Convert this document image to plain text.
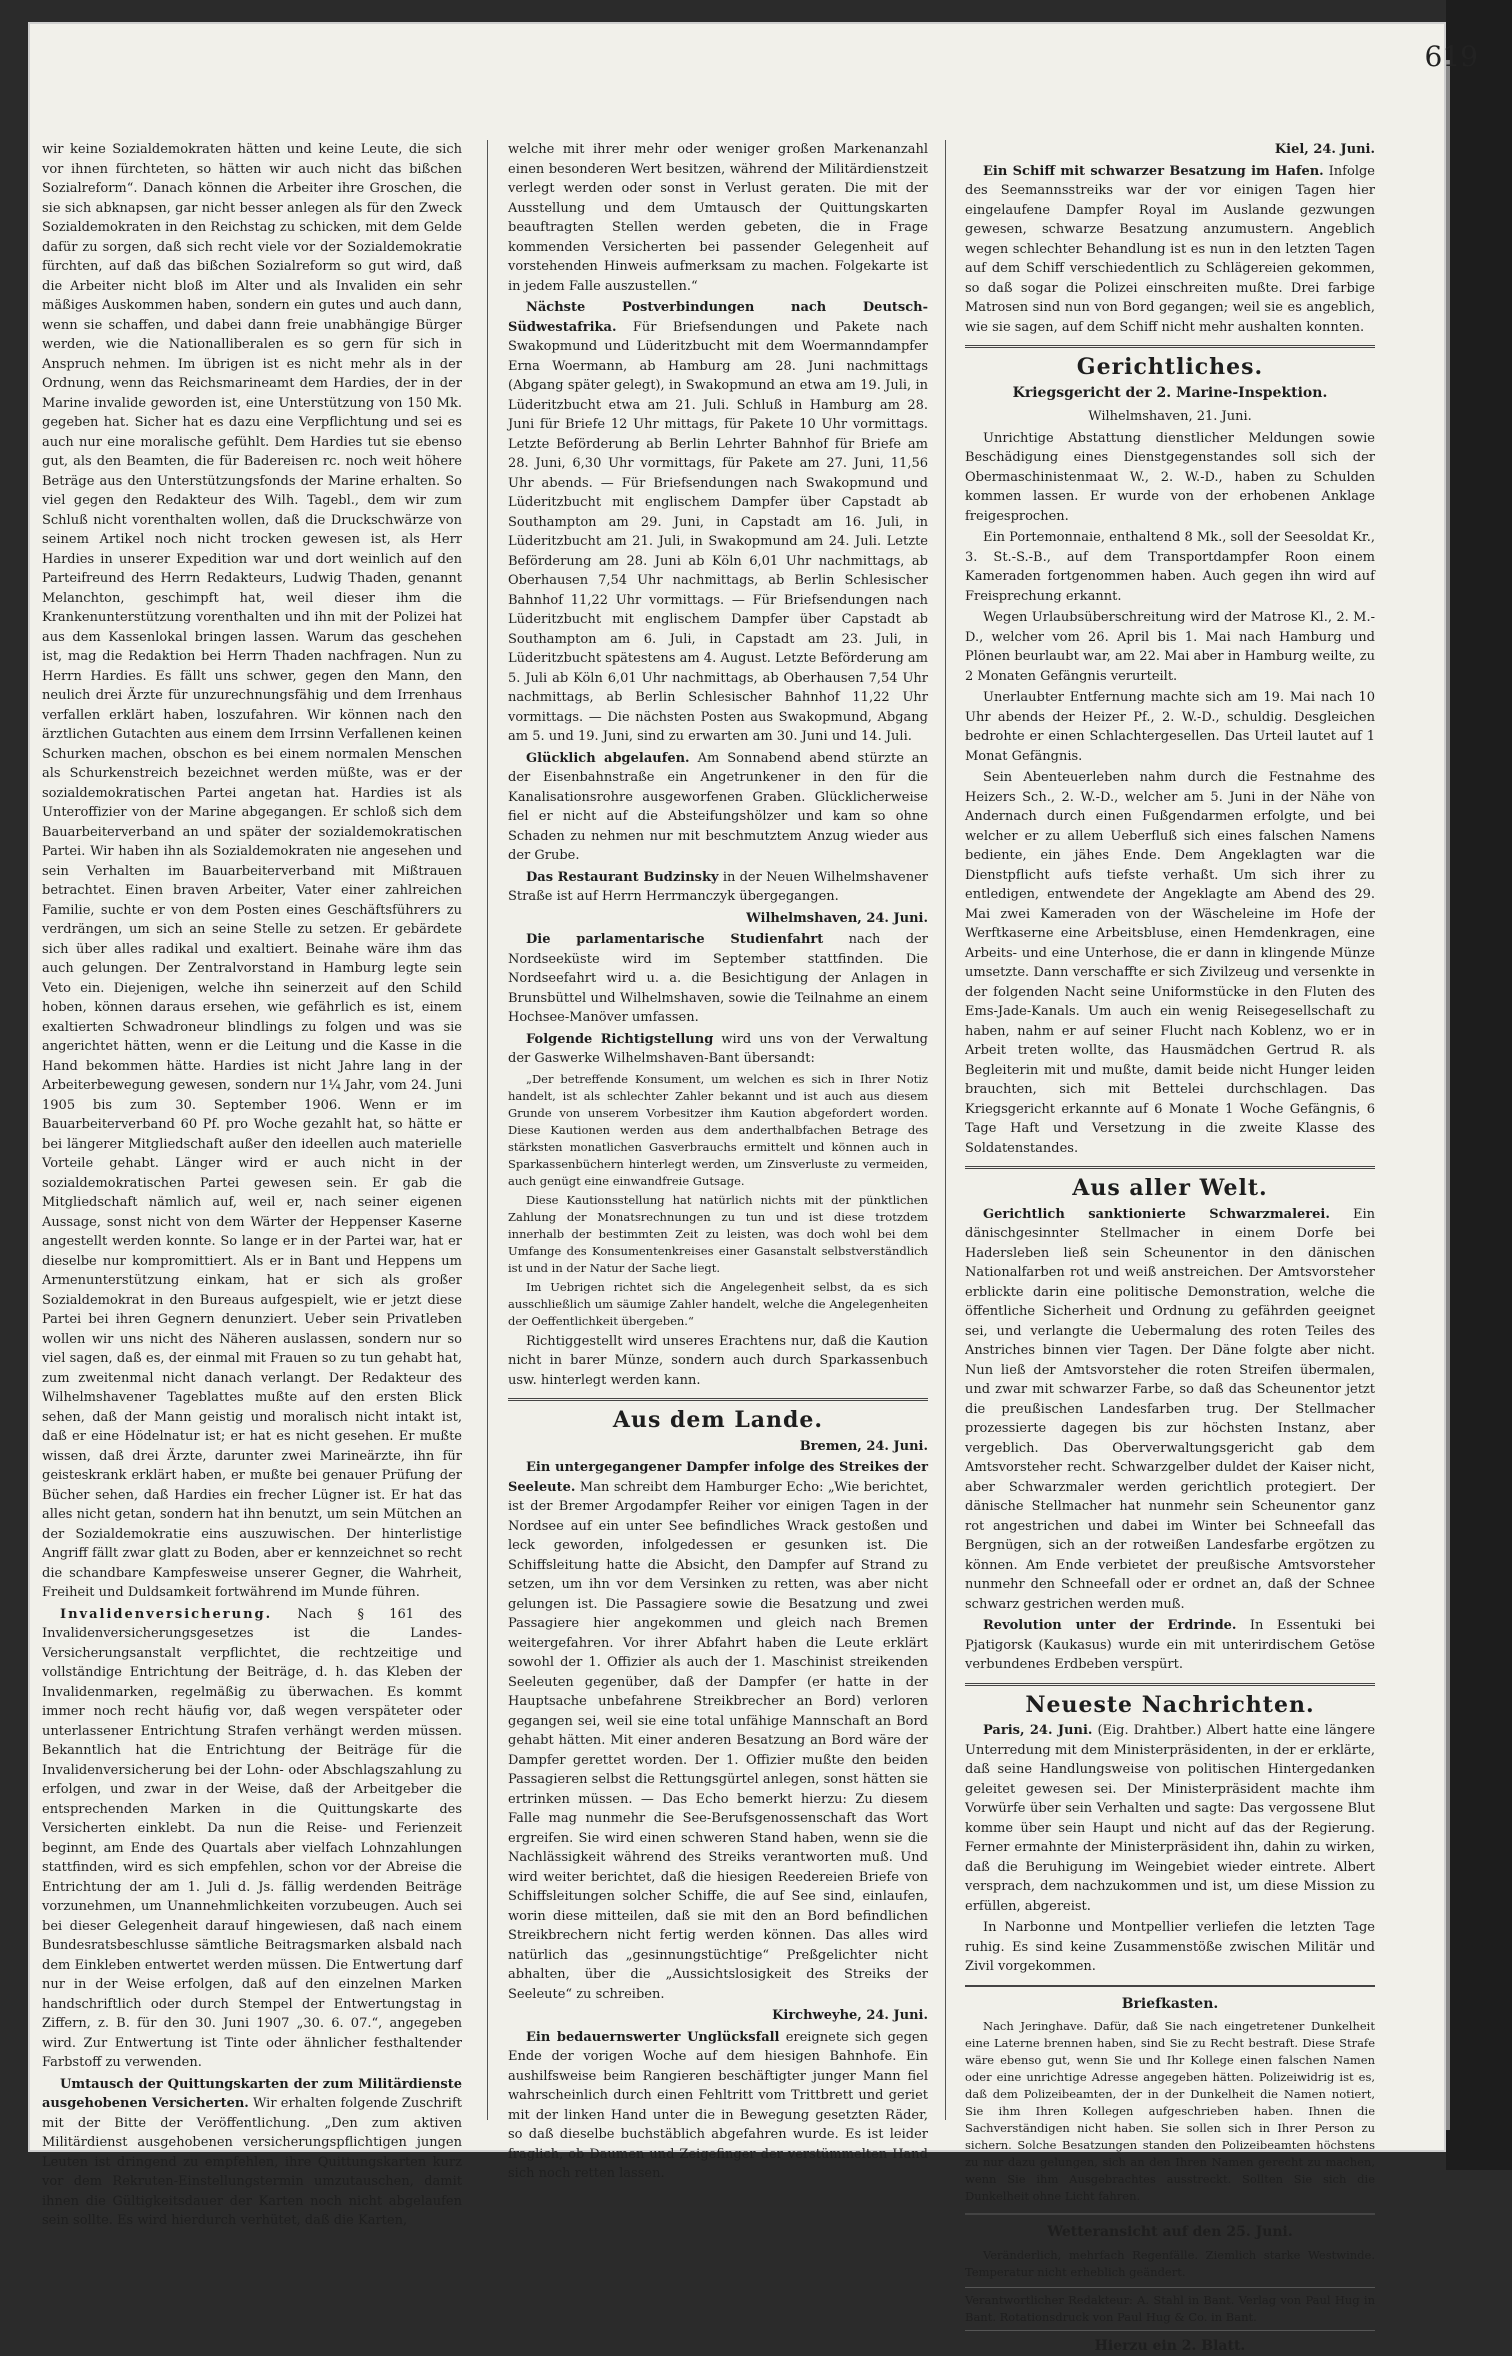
619

wir keine Sozialdemokraten hätten und keine Leute, die sich vor ihnen fürchteten, so hätten wir auch nicht das bißchen Sozialreform“. Danach können die Arbeiter ihre Groschen, die sie sich abknapsen, gar nicht besser anlegen als für den Zweck Sozialdemokraten in den Reichstag zu schicken, mit dem Gelde dafür zu sorgen, daß sich recht viele vor der Sozialdemokratie fürchten, auf daß das bißchen Sozialreform so gut wird, daß die Arbeiter nicht bloß im Alter und als Invaliden ein sehr mäßiges Auskommen haben, sondern ein gutes und auch dann, wenn sie schaffen, und dabei dann freie unabhängige Bürger werden, wie die Nationalliberalen es so gern für sich in Anspruch nehmen. Im übrigen ist es nicht mehr als in der Ordnung, wenn das Reichsmarineamt dem Hardies, der in der Marine invalide geworden ist, eine Unterstützung von 150 Mk. gegeben hat. Sicher hat es dazu eine Verpflichtung und sei es auch nur eine moralische gefühlt. Dem Hardies tut sie ebenso gut, als den Beamten, die für Badereisen rc. noch weit höhere Beträge aus den Unterstützungsfonds der Marine erhalten. So viel gegen den Redakteur des Wilh. Tagebl., dem wir zum Schluß nicht vorenthalten wollen, daß die Druckschwärze von seinem Artikel noch nicht trocken gewesen ist, als Herr Hardies in unserer Expedition war und dort weinlich auf den Parteifreund des Herrn Redakteurs, Ludwig Thaden, genannt Melanchton, geschimpft hat, weil dieser ihm die Krankenunterstützung vorenthalten und ihn mit der Polizei hat aus dem Kassenlokal bringen lassen. Warum das geschehen ist, mag die Redaktion bei Herrn Thaden nachfragen. Nun zu Herrn Hardies. Es fällt uns schwer, gegen den Mann, den neulich drei Ärzte für unzurechnungsfähig und dem Irrenhaus verfallen erklärt haben, loszufahren. Wir können nach den ärztlichen Gutachten aus einem dem Irrsinn Verfallenen keinen Schurken machen, obschon es bei einem normalen Menschen als Schurkenstreich bezeichnet werden müßte, was er der sozialdemokratischen Partei angetan hat. Hardies ist als Unteroffizier von der Marine abgegangen. Er schloß sich dem Bauarbeiterverband an und später der sozialdemokratischen Partei. Wir haben ihn als Sozialdemokraten nie angesehen und sein Verhalten im Bauarbeiterverband mit Mißtrauen betrachtet. Einen braven Arbeiter, Vater einer zahlreichen Familie, suchte er von dem Posten eines Geschäftsführers zu verdrängen, um sich an seine Stelle zu setzen. Er gebärdete sich über alles radikal und exaltiert. Beinahe wäre ihm das auch gelungen. Der Zentralvorstand in Hamburg legte sein Veto ein. Diejenigen, welche ihn seinerzeit auf den Schild hoben, können daraus ersehen, wie gefährlich es ist, einem exaltierten Schwadroneur blindlings zu folgen und was sie angerichtet hätten, wenn er die Leitung und die Kasse in die Hand bekommen hätte. Hardies ist nicht Jahre lang in der Arbeiterbewegung gewesen, sondern nur 1¼ Jahr, vom 24. Juni 1905 bis zum 30. September 1906. Wenn er im Bauarbeiterverband 60 Pf. pro Woche gezahlt hat, so hätte er bei längerer Mitgliedschaft außer den ideellen auch materielle Vorteile gehabt. Länger wird er auch nicht in der sozialdemokratischen Partei gewesen sein. Er gab die Mitgliedschaft nämlich auf, weil er, nach seiner eigenen Aussage, sonst nicht von dem Wärter der Heppenser Kaserne angestellt werden konnte. So lange er in der Partei war, hat er dieselbe nur kompromittiert. Als er in Bant und Heppens um Armenunterstützung einkam, hat er sich als großer Sozialdemokrat in den Bureaus aufgespielt, wie er jetzt diese Partei bei ihren Gegnern denunziert. Ueber sein Privatleben wollen wir uns nicht des Näheren auslassen, sondern nur so viel sagen, daß es, der einmal mit Frauen so zu tun gehabt hat, zum zweitenmal nicht danach verlangt. Der Redakteur des Wilhelmshavener Tageblattes mußte auf den ersten Blick sehen, daß der Mann geistig und moralisch nicht intakt ist, daß er eine Hödelnatur ist; er hat es nicht gesehen. Er mußte wissen, daß drei Ärzte, darunter zwei Marineärzte, ihn für geisteskrank erklärt haben, er mußte bei genauer Prüfung der Bücher sehen, daß Hardies ein frecher Lügner ist. Er hat das alles nicht getan, sondern hat ihn benutzt, um sein Mütchen an der Sozialdemokratie eins auszuwischen. Der hinterlistige Angriff fällt zwar glatt zu Boden, aber er kennzeichnet so recht die schandbare Kampfesweise unserer Gegner, die Wahrheit, Freiheit und Duldsamkeit fortwährend im Munde führen.

Invalidenversicherung. Nach § 161 des Invalidenversicherungsgesetzes ist die Landes-Versicherungsanstalt verpflichtet, die rechtzeitige und vollständige Entrichtung der Beiträge, d. h. das Kleben der Invalidenmarken, regelmäßig zu überwachen. Es kommt immer noch recht häufig vor, daß wegen verspäteter oder unterlassener Entrichtung Strafen verhängt werden müssen. Bekanntlich hat die Entrichtung der Beiträge für die Invalidenversicherung bei der Lohn- oder Abschlagszahlung zu erfolgen, und zwar in der Weise, daß der Arbeitgeber die entsprechenden Marken in die Quittungskarte des Versicherten einklebt. Da nun die Reise- und Ferienzeit beginnt, am Ende des Quartals aber vielfach Lohnzahlungen stattfinden, wird es sich empfehlen, schon vor der Abreise die Entrichtung der am 1. Juli d. Js. fällig werdenden Beiträge vorzunehmen, um Unannehmlichkeiten vorzubeugen. Auch sei bei dieser Gelegenheit darauf hingewiesen, daß nach einem Bundesratsbeschlusse sämtliche Beitragsmarken alsbald nach dem Einkleben entwertet werden müssen. Die Entwertung darf nur in der Weise erfolgen, daß auf den einzelnen Marken handschriftlich oder durch Stempel der Entwertungstag in Ziffern, z. B. für den 30. Juni 1907 „30. 6. 07.“, angegeben wird. Zur Entwertung ist Tinte oder ähnlicher festhaltender Farbstoff zu verwenden.

Umtausch der Quittungskarten der zum Militärdienste ausgehobenen Versicherten. Wir erhalten folgende Zuschrift mit der Bitte der Veröffentlichung. „Den zum aktiven Militärdienst ausgehobenen versicherungspflichtigen jungen Leuten ist dringend zu empfehlen, ihre Quittungskarten kurz vor dem Rekruten-Einstellungstermin umzutauschen, damit ihnen die Gültigkeitsdauer der Karten noch nicht abgelaufen sein sollte. Es wird hierdurch verhütet, daß die Karten,

welche mit ihrer mehr oder weniger großen Markenanzahl einen besonderen Wert besitzen, während der Militärdienstzeit verlegt werden oder sonst in Verlust geraten. Die mit der Ausstellung und dem Umtausch der Quittungskarten beauftragten Stellen werden gebeten, die in Frage kommenden Versicherten bei passender Gelegenheit auf vorstehenden Hinweis aufmerksam zu machen. Folgekarte ist in jedem Falle auszustellen.“

Nächste Postverbindungen nach Deutsch-Südwestafrika. Für Briefsendungen und Pakete nach Swakopmund und Lüderitzbucht mit dem Woermanndampfer Erna Woermann, ab Hamburg am 28. Juni nachmittags (Abgang später gelegt), in Swakopmund an etwa am 19. Juli, in Lüderitzbucht etwa am 21. Juli. Schluß in Hamburg am 28. Juni für Briefe 12 Uhr mittags, für Pakete 10 Uhr vormittags. Letzte Beförderung ab Berlin Lehrter Bahnhof für Briefe am 28. Juni, 6,30 Uhr vormittags, für Pakete am 27. Juni, 11,56 Uhr abends. — Für Briefsendungen nach Swakopmund und Lüderitzbucht mit englischem Dampfer über Capstadt ab Southampton am 29. Juni, in Capstadt am 16. Juli, in Lüderitzbucht am 21. Juli, in Swakopmund am 24. Juli. Letzte Beförderung am 28. Juni ab Köln 6,01 Uhr nachmittags, ab Oberhausen 7,54 Uhr nachmittags, ab Berlin Schlesischer Bahnhof 11,22 Uhr vormittags. — Für Briefsendungen nach Lüderitzbucht mit englischem Dampfer über Capstadt ab Southampton am 6. Juli, in Capstadt am 23. Juli, in Lüderitzbucht spätestens am 4. August. Letzte Beförderung am 5. Juli ab Köln 6,01 Uhr nachmittags, ab Oberhausen 7,54 Uhr nachmittags, ab Berlin Schlesischer Bahnhof 11,22 Uhr vormittags. — Die nächsten Posten aus Swakopmund, Abgang am 5. und 19. Juni, sind zu erwarten am 30. Juni und 14. Juli.

Glücklich abgelaufen. Am Sonnabend abend stürzte an der Eisenbahnstraße ein Angetrunkener in den für die Kanalisationsrohre ausgeworfenen Graben. Glücklicherweise fiel er nicht auf die Absteifungshölzer und kam so ohne Schaden zu nehmen nur mit beschmutztem Anzug wieder aus der Grube.

Das Restaurant Budzinsky in der Neuen Wilhelmshavener Straße ist auf Herrn Herrmanczyk übergegangen.

Wilhelmshaven, 24. Juni.

Die parlamentarische Studienfahrt nach der Nordseeküste wird im September stattfinden. Die Nordseefahrt wird u. a. die Besichtigung der Anlagen in Brunsbüttel und Wilhelmshaven, sowie die Teilnahme an einem Hochsee-Manöver umfassen.

Folgende Richtigstellung wird uns von der Verwaltung der Gaswerke Wilhelmshaven-Bant übersandt:

„Der betreffende Konsument, um welchen es sich in Ihrer Notiz handelt, ist als schlechter Zahler bekannt und ist auch aus diesem Grunde von unserem Vorbesitzer ihm Kaution abgefordert worden. Diese Kautionen werden aus dem anderthalbfachen Betrage des stärksten monatlichen Gasverbrauchs ermittelt und können auch in Sparkassenbüchern hinterlegt werden, um Zinsverluste zu vermeiden, auch genügt eine einwandfreie Gutsage.

Diese Kautionsstellung hat natürlich nichts mit der pünktlichen Zahlung der Monatsrechnungen zu tun und ist diese trotzdem innerhalb der bestimmten Zeit zu leisten, was doch wohl bei dem Umfange des Konsumentenkreises einer Gasanstalt selbstverständlich ist und in der Natur der Sache liegt.

Im Uebrigen richtet sich die Angelegenheit selbst, da es sich ausschließlich um säumige Zahler handelt, welche die Angelegenheiten der Oeffentlichkeit übergeben.“

Richtiggestellt wird unseres Erachtens nur, daß die Kaution nicht in barer Münze, sondern auch durch Sparkassenbuch usw. hinterlegt werden kann.

Aus dem Lande.

Bremen, 24. Juni.

Ein untergegangener Dampfer infolge des Streikes der Seeleute. Man schreibt dem Hamburger Echo: „Wie berichtet, ist der Bremer Argodampfer Reiher vor einigen Tagen in der Nordsee auf ein unter See befindliches Wrack gestoßen und leck geworden, infolgedessen er gesunken ist. Die Schiffsleitung hatte die Absicht, den Dampfer auf Strand zu setzen, um ihn vor dem Versinken zu retten, was aber nicht gelungen ist. Die Passagiere sowie die Besatzung und zwei Passagiere hier angekommen und gleich nach Bremen weitergefahren. Vor ihrer Abfahrt haben die Leute erklärt sowohl der 1. Offizier als auch der 1. Maschinist streikenden Seeleuten gegenüber, daß der Dampfer (er hatte in der Hauptsache unbefahrene Streikbrecher an Bord) verloren gegangen sei, weil sie eine total unfähige Mannschaft an Bord gehabt hätten. Mit einer anderen Besatzung an Bord wäre der Dampfer gerettet worden. Der 1. Offizier mußte den beiden Passagieren selbst die Rettungsgürtel anlegen, sonst hätten sie ertrinken müssen. — Das Echo bemerkt hierzu: Zu diesem Falle mag nunmehr die See-Berufsgenossenschaft das Wort ergreifen. Sie wird einen schweren Stand haben, wenn sie die Nachlässigkeit während des Streiks verantworten muß. Und wird weiter berichtet, daß die hiesigen Reedereien Briefe von Schiffsleitungen solcher Schiffe, die auf See sind, einlaufen, worin diese mitteilen, daß sie mit den an Bord befindlichen Streikbrechern nicht fertig werden können. Das alles wird natürlich das „gesinnungstüchtige“ Preßgelichter nicht abhalten, über die „Aussichtslosigkeit des Streiks der Seeleute“ zu schreiben.

Kirchweyhe, 24. Juni.

Ein bedauernswerter Unglücksfall ereignete sich gegen Ende der vorigen Woche auf dem hiesigen Bahnhofe. Ein aushilfsweise beim Rangieren beschäftigter junger Mann fiel wahrscheinlich durch einen Fehltritt vom Trittbrett und geriet mit der linken Hand unter die in Bewegung gesetzten Räder, so daß dieselbe buchstäblich abgefahren wurde. Es ist leider fraglich, ob Daumen und Zeigefinger der verstümmelten Hand sich noch retten lassen.

Kiel, 24. Juni.

Ein Schiff mit schwarzer Besatzung im Hafen. Infolge des Seemannsstreiks war der vor einigen Tagen hier eingelaufene Dampfer Royal im Auslande gezwungen gewesen, schwarze Besatzung anzumustern. Angeblich wegen schlechter Behandlung ist es nun in den letzten Tagen auf dem Schiff verschiedentlich zu Schlägereien gekommen, so daß sogar die Polizei einschreiten mußte. Drei farbige Matrosen sind nun von Bord gegangen; weil sie es angeblich, wie sie sagen, auf dem Schiff nicht mehr aushalten konnten.

Gerichtliches.
Kriegsgericht der 2. Marine-Inspektion.

Wilhelmshaven, 21. Juni.

Unrichtige Abstattung dienstlicher Meldungen sowie Beschädigung eines Dienstgegenstandes soll sich der Obermaschinistenmaat W., 2. W.-D., haben zu Schulden kommen lassen. Er wurde von der erhobenen Anklage freigesprochen.

Ein Portemonnaie, enthaltend 8 Mk., soll der Seesoldat Kr., 3. St.-S.-B., auf dem Transportdampfer Roon einem Kameraden fortgenommen haben. Auch gegen ihn wird auf Freisprechung erkannt.

Wegen Urlaubsüberschreitung wird der Matrose Kl., 2. M.-D., welcher vom 26. April bis 1. Mai nach Hamburg und Plönen beurlaubt war, am 22. Mai aber in Hamburg weilte, zu 2 Monaten Gefängnis verurteilt.

Unerlaubter Entfernung machte sich am 19. Mai nach 10 Uhr abends der Heizer Pf., 2. W.-D., schuldig. Desgleichen bedrohte er einen Schlachtergesellen. Das Urteil lautet auf 1 Monat Gefängnis.

Sein Abenteuerleben nahm durch die Festnahme des Heizers Sch., 2. W.-D., welcher am 5. Juni in der Nähe von Andernach durch einen Fußgendarmen erfolgte, und bei welcher er zu allem Ueberfluß sich eines falschen Namens bediente, ein jähes Ende. Dem Angeklagten war die Dienstpflicht aufs tiefste verhaßt. Um sich ihrer zu entledigen, entwendete der Angeklagte am Abend des 29. Mai zwei Kameraden von der Wäscheleine im Hofe der Werftkaserne eine Arbeitsbluse, einen Hemdenkragen, eine Arbeits- und eine Unterhose, die er dann in klingende Münze umsetzte. Dann verschaffte er sich Zivilzeug und versenkte in der folgenden Nacht seine Uniformstücke in den Fluten des Ems-Jade-Kanals. Um auch ein wenig Reisegesellschaft zu haben, nahm er auf seiner Flucht nach Koblenz, wo er in Arbeit treten wollte, das Hausmädchen Gertrud R. als Begleiterin mit und mußte, damit beide nicht Hunger leiden brauchten, sich mit Bettelei durchschlagen. Das Kriegsgericht erkannte auf 6 Monate 1 Woche Gefängnis, 6 Tage Haft und Versetzung in die zweite Klasse des Soldatenstandes.

Aus aller Welt.

Gerichtlich sanktionierte Schwarzmalerei. Ein dänischgesinnter Stellmacher in einem Dorfe bei Hadersleben ließ sein Scheunentor in den dänischen Nationalfarben rot und weiß anstreichen. Der Amtsvorsteher erblickte darin eine politische Demonstration, welche die öffentliche Sicherheit und Ordnung zu gefährden geeignet sei, und verlangte die Uebermalung des roten Teiles des Anstriches binnen vier Tagen. Der Däne folgte aber nicht. Nun ließ der Amtsvorsteher die roten Streifen übermalen, und zwar mit schwarzer Farbe, so daß das Scheunentor jetzt die preußischen Landesfarben trug. Der Stellmacher prozessierte dagegen bis zur höchsten Instanz, aber vergeblich. Das Oberverwaltungsgericht gab dem Amtsvorsteher recht. Schwarzgelber duldet der Kaiser nicht, aber Schwarzmaler werden gerichtlich protegiert. Der dänische Stellmacher hat nunmehr sein Scheunentor ganz rot angestrichen und dabei im Winter bei Schneefall das Bergnügen, sich an der rotweißen Landesfarbe ergötzen zu können. Am Ende verbietet der preußische Amtsvorsteher nunmehr den Schneefall oder er ordnet an, daß der Schnee schwarz gestrichen werden muß.

Revolution unter der Erdrinde. In Essentuki bei Pjatigorsk (Kaukasus) wurde ein mit unterirdischem Getöse verbundenes Erdbeben verspürt.

Neueste Nachrichten.

Paris, 24. Juni. (Eig. Drahtber.) Albert hatte eine längere Unterredung mit dem Ministerpräsidenten, in der er erklärte, daß seine Handlungsweise von politischen Hintergedanken geleitet gewesen sei. Der Ministerpräsident machte ihm Vorwürfe über sein Verhalten und sagte: Das vergossene Blut komme über sein Haupt und nicht auf das der Regierung. Ferner ermahnte der Ministerpräsident ihn, dahin zu wirken, daß die Beruhigung im Weingebiet wieder eintrete. Albert versprach, dem nachzukommen und ist, um diese Mission zu erfüllen, abgereist.

In Narbonne und Montpellier verliefen die letzten Tage ruhig. Es sind keine Zusammenstöße zwischen Militär und Zivil vorgekommen.

Briefkasten.

Nach Jeringhave. Dafür, daß Sie nach eingetretener Dunkelheit eine Laterne brennen haben, sind Sie zu Recht bestraft. Diese Strafe wäre ebenso gut, wenn Sie und Ihr Kollege einen falschen Namen oder eine unrichtige Adresse angegeben hätten. Polizeiwidrig ist es, daß dem Polizeibeamten, der in der Dunkelheit die Namen notiert, Sie ihm Ihren Kollegen aufgeschrieben haben. Ihnen die Sachverständigen nicht haben. Sie sollen sich in Ihrer Person zu sichern. Solche Besatzungen standen den Polizeibeamten höchstens zu nur dazu gelungen, sich an den Ihren Namen gerecht zu machen, wenn Sie ihm Ausgebrachtes ausstreckt. Sollten Sie sich die Dunkelheit ohne Licht fahren.

Wetteransicht auf den 25. Juni.

Veränderlich, mehrfach Regenfälle. Ziemlich starke Westwinde. Temperatur nicht erheblich geändert.

Verantwortlicher Redakteur: A. Stahl in Bant. Verlag von Paul Hug in Bant. Rotationsdruck von Paul Hug & Co. in Bant.
Hierzu ein 2. Blatt.
